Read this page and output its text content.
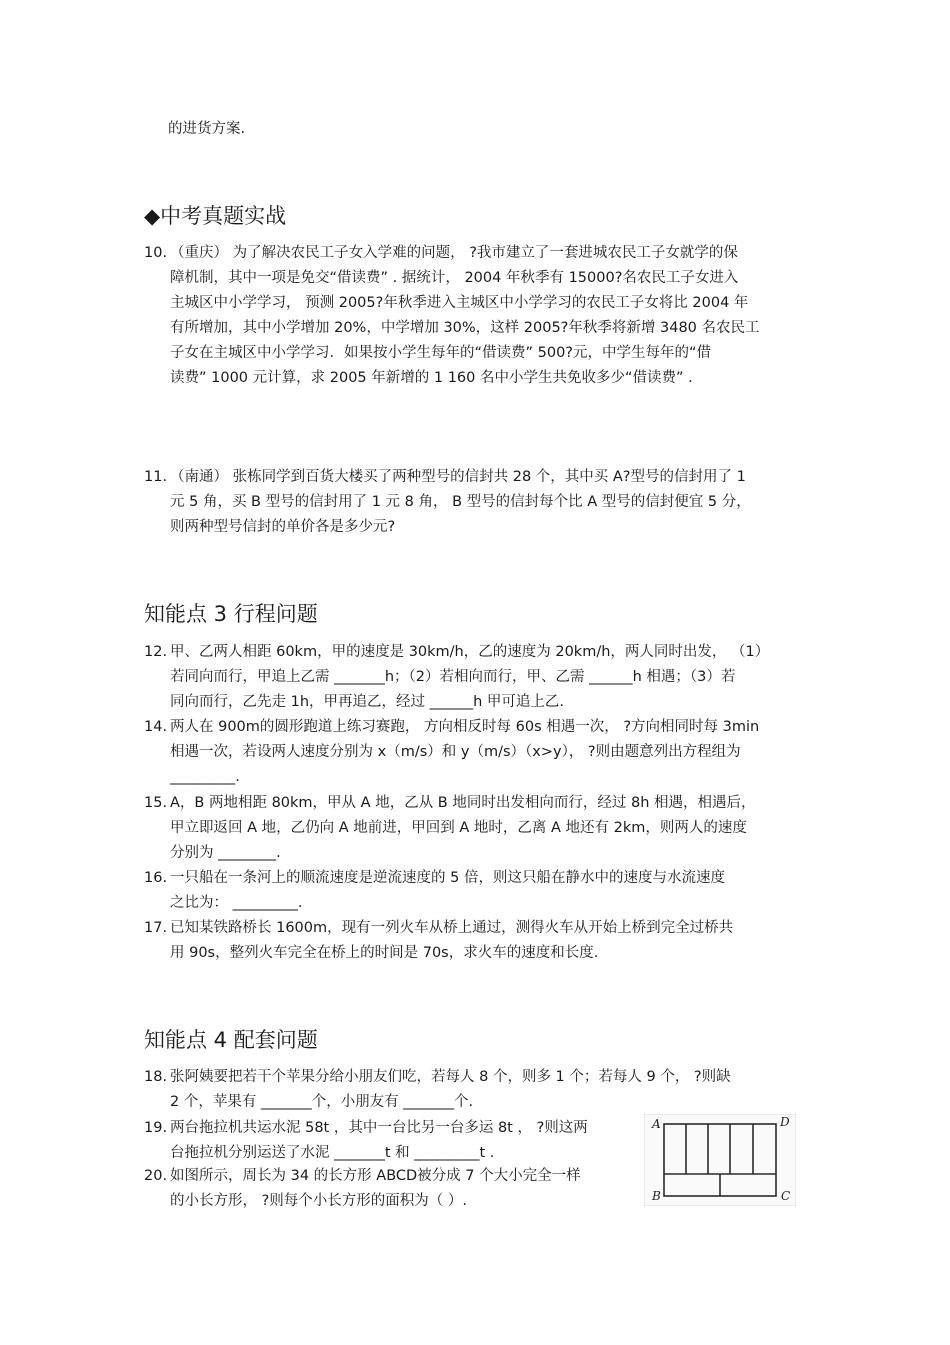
的进货方案.
◆中考真题实战
10. （重庆） 为了解决农民工子女入学难的问题， ?我市建立了一套进城农民工子女就学的保
障机制，其中一项是免交“借读费” . 据统计， 2004 年秋季有 15000?名农民工子女进入
主城区中小学学习， 预测 2005?年秋季进入主城区中小学学习的农民工子女将比 2004 年
有所增加，其中小学增加 20%，中学增加 30%，这样 2005?年秋季将新增 3480 名农民工
子女在主城区中小学学习．如果按小学生每年的“借读费” 500?元，中学生每年的“借
读费” 1000 元计算，求 2005 年新增的 1 160 名中小学生共免收多少“借读费” .
11. （南通） 张栋同学到百货大楼买了两种型号的信封共 28 个，其中买 A?型号的信封用了 1
元 5 角，买 B 型号的信封用了 1 元 8 角， B 型号的信封每个比 A 型号的信封便宜 5 分，
则两种型号信封的单价各是多少元?
知能点 3 行程问题
12. 甲、乙两人相距 60km，甲的速度是 30km/h，乙的速度为 20km/h，两人同时出发， （1）
若同向而行，甲追上乙需 _______h；（2）若相向而行，甲、乙需 ______h 相遇；（3）若
同向而行，乙先走 1h，甲再追乙，经过 ______h 甲可追上乙.
14. 两人在 900m的圆形跑道上练习赛跑， 方向相反时每 60s 相遇一次， ?方向相同时每 3min
相遇一次，若设两人速度分别为 x（m/s）和 y（m/s）（x>y）， ?则由题意列出方程组为
_________.
15. A，B 两地相距 80km，甲从 A 地，乙从 B 地同时出发相向而行，经过 8h 相遇，相遇后，
甲立即返回 A 地，乙仍向 A 地前进，甲回到 A 地时，乙离 A 地还有 2km，则两人的速度
分别为 ________.
16. 一只船在一条河上的顺流速度是逆流速度的 5 倍，则这只船在静水中的速度与水流速度
之比为： _________.
17. 已知某铁路桥长 1600m，现有一列火车从桥上通过，测得火车从开始上桥到完全过桥共
用 90s，整列火车完全在桥上的时间是 70s，求火车的速度和长度.
知能点 4 配套问题
18. 张阿姨要把若干个苹果分给小朋友们吃，若每人 8 个，则多 1 个；若每人 9 个， ?则缺
2 个，苹果有 _______个，小朋友有 _______个.
19. 两台拖拉机共运水泥 58t ，其中一台比另一台多运 8t ， ?则这两
台拖拉机分别运送了水泥 _______t 和 _________t .
20. 如图所示，周长为 34 的长方形 ABCD被分成 7 个大小完全一样
的小长方形， ?则每个小长方形的面积为（ ）.
A	D
B	C
